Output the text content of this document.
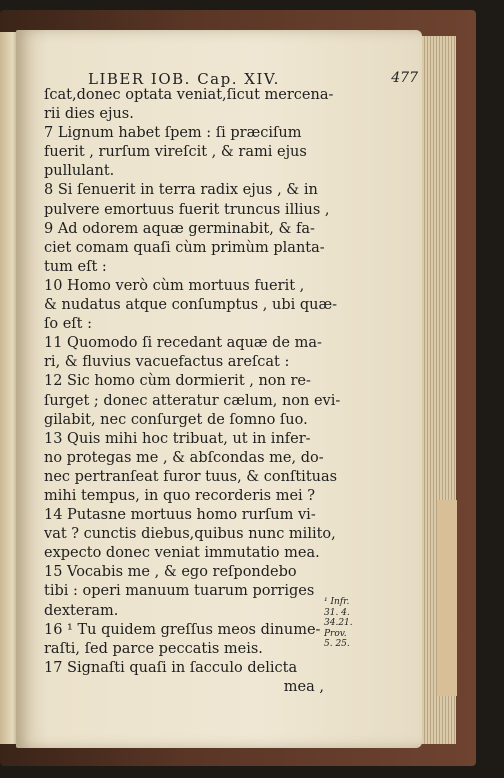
LIBER IOB. Cap. XIV.	477
ſcat,donec optata veniat,ſicut mercena-
rii dies ejus.
7 Lignum habet ſpem : ſi præciſum
fuerit , rurſum vireſcit , & rami ejus
pullulant.
8 Si ſenuerit in terra radix ejus , & in
pulvere emortuus fuerit truncus illius ,
9 Ad odorem aquæ germinabit, & fa-
ciet comam quaſi cùm primùm planta-
tum eſt :
10 Homo verò cùm mortuus fuerit ,
& nudatus atque conſumptus , ubi quæ-
ſo eſt :
11 Quomodo ſi recedant aquæ de ma-
ri, & fluvius vacuefactus areſcat :
12 Sic homo cùm dormierit , non re-
ſurget ; donec atteratur cælum, non evi-
gilabit, nec conſurget de ſomno ſuo.
13 Quis mihi hoc tribuat, ut in infer-
no protegas me , & abſcondas me, do-
nec pertranſeat furor tuus, & conſtituas
mihi tempus, in quo recorderis mei ?
14 Putasne mortuus homo rurſum vi-
vat ? cunctis diebus,quibus nunc milito,
expecto donec veniat immutatio mea.
15 Vocabis me , & ego reſpondebo
tibi : operi manuum tuarum porriges
dexteram.
16 ¹ Tu quidem greſſus meos dinume-
raſti, ſed parce peccatis meis.
17 Signaſti quaſi in ſacculo delicta
mea ,
¹ Infr.
31. 4.
34.21.
Prov.
5. 25.
